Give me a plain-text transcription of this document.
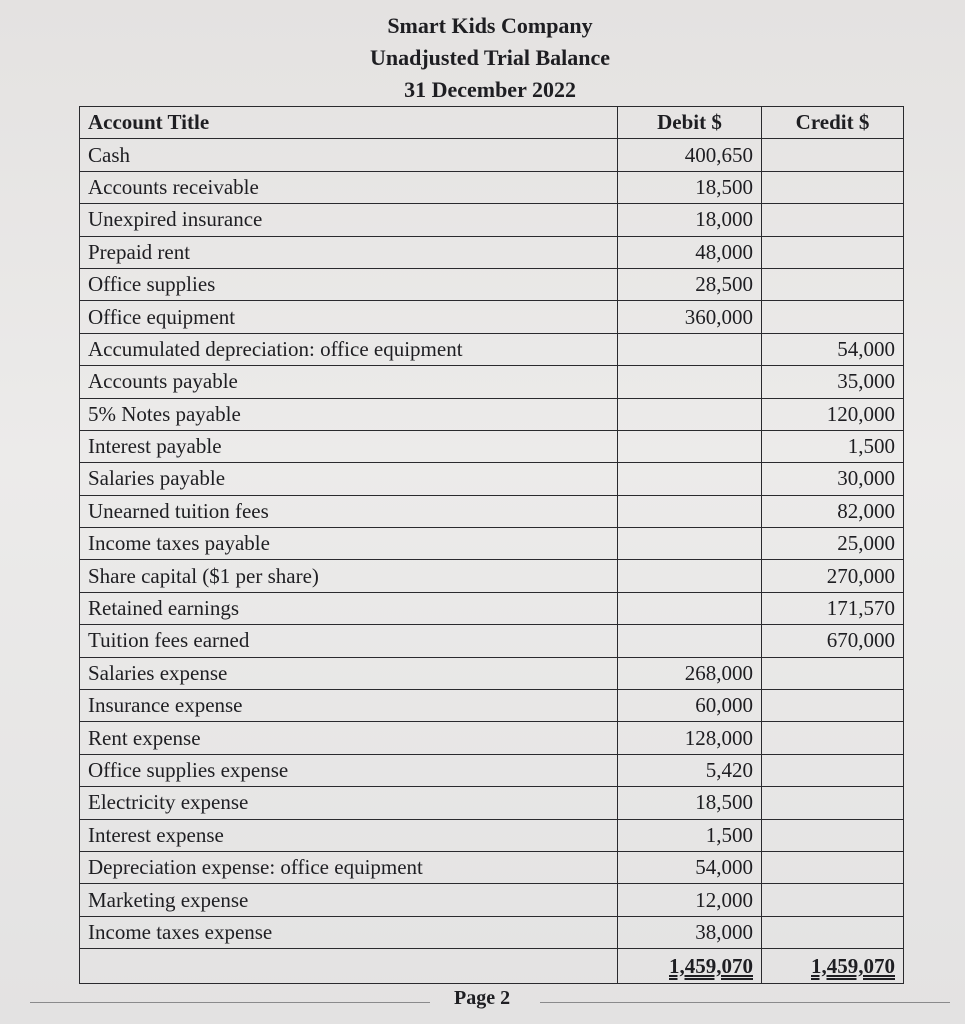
Smart Kids Company
Unadjusted Trial Balance
31 December 2022
Account Title	Debit $	Credit $
Cash	400,650	
Accounts receivable	18,500	
Unexpired insurance	18,000	
Prepaid rent	48,000	
Office supplies	28,500	
Office equipment	360,000	
Accumulated depreciation: office equipment		54,000
Accounts payable		35,000
5% Notes payable		120,000
Interest payable		1,500
Salaries payable		30,000
Unearned tuition fees		82,000
Income taxes payable		25,000
Share capital ($1 per share)		270,000
Retained earnings		171,570
Tuition fees earned		670,000
Salaries expense	268,000	
Insurance expense	60,000	
Rent expense	128,000	
Office supplies expense	5,420	
Electricity expense	18,500	
Interest expense	1,500	
Depreciation expense: office equipment	54,000	
Marketing expense	12,000	
Income taxes expense	38,000	
	1,459,070	1,459,070
Page 2
